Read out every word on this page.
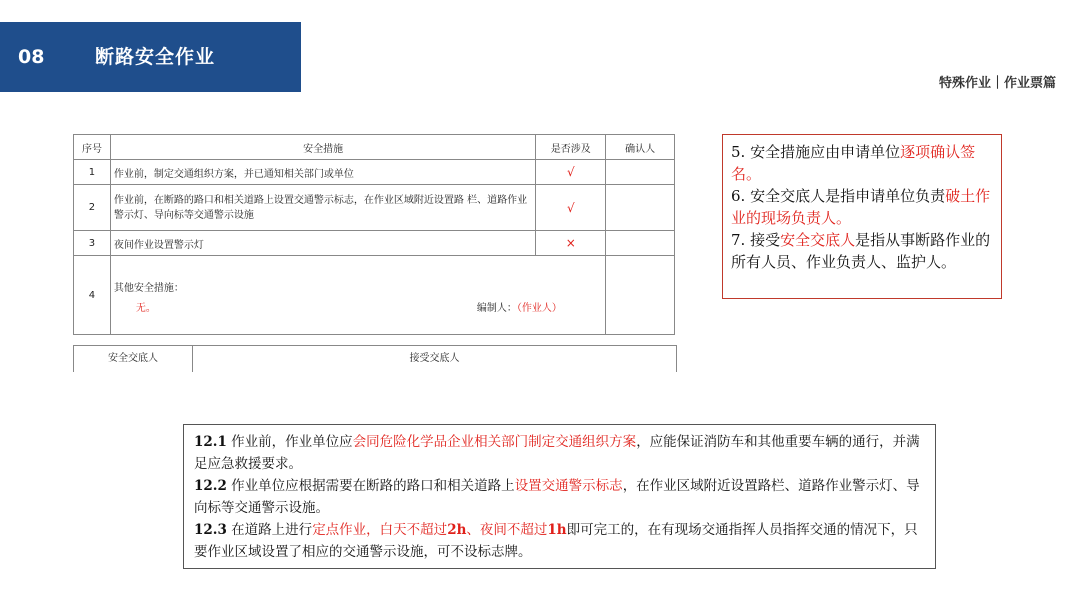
08	断路安全作业
特殊作业｜作业票篇
序号	安全措施	是否涉及	确认人
1	作业前，制定交通组织方案，并已通知相关部门或单位	√	
2	作业前，在断路的路口和相关道路上设置交通警示标志，在作业区域附近设置路 栏、道路作业警示灯、导向标等交通警示设施	√	
3	夜间作业设置警示灯	×	
4	其他安全措施：
无。 编制人：（作业人）		

安全交底人	接受交底人

5. 安全措施应由申请单位逐项确认签名。

6. 安全交底人是指申请单位负责破土作业的现场负责人。

7. 接受安全交底人是指从事断路作业的所有人员、作业负责人、监护人。

12.1 作业前，作业单位应会同危险化学品企业相关部门制定交通组织方案，应能保证消防车和其他重要车辆的通行，并满足应急救援要求。

12.2 作业单位应根据需要在断路的路口和相关道路上设置交通警示标志，在作业区域附近设置路栏、道路作业警示灯、导向标等交通警示设施。

12.3 在道路上进行定点作业，白天不超过2h、夜间不超过1h即可完工的，在有现场交通指挥人员指挥交通的情况下，只要作业区域设置了相应的交通警示设施，可不设标志牌。
